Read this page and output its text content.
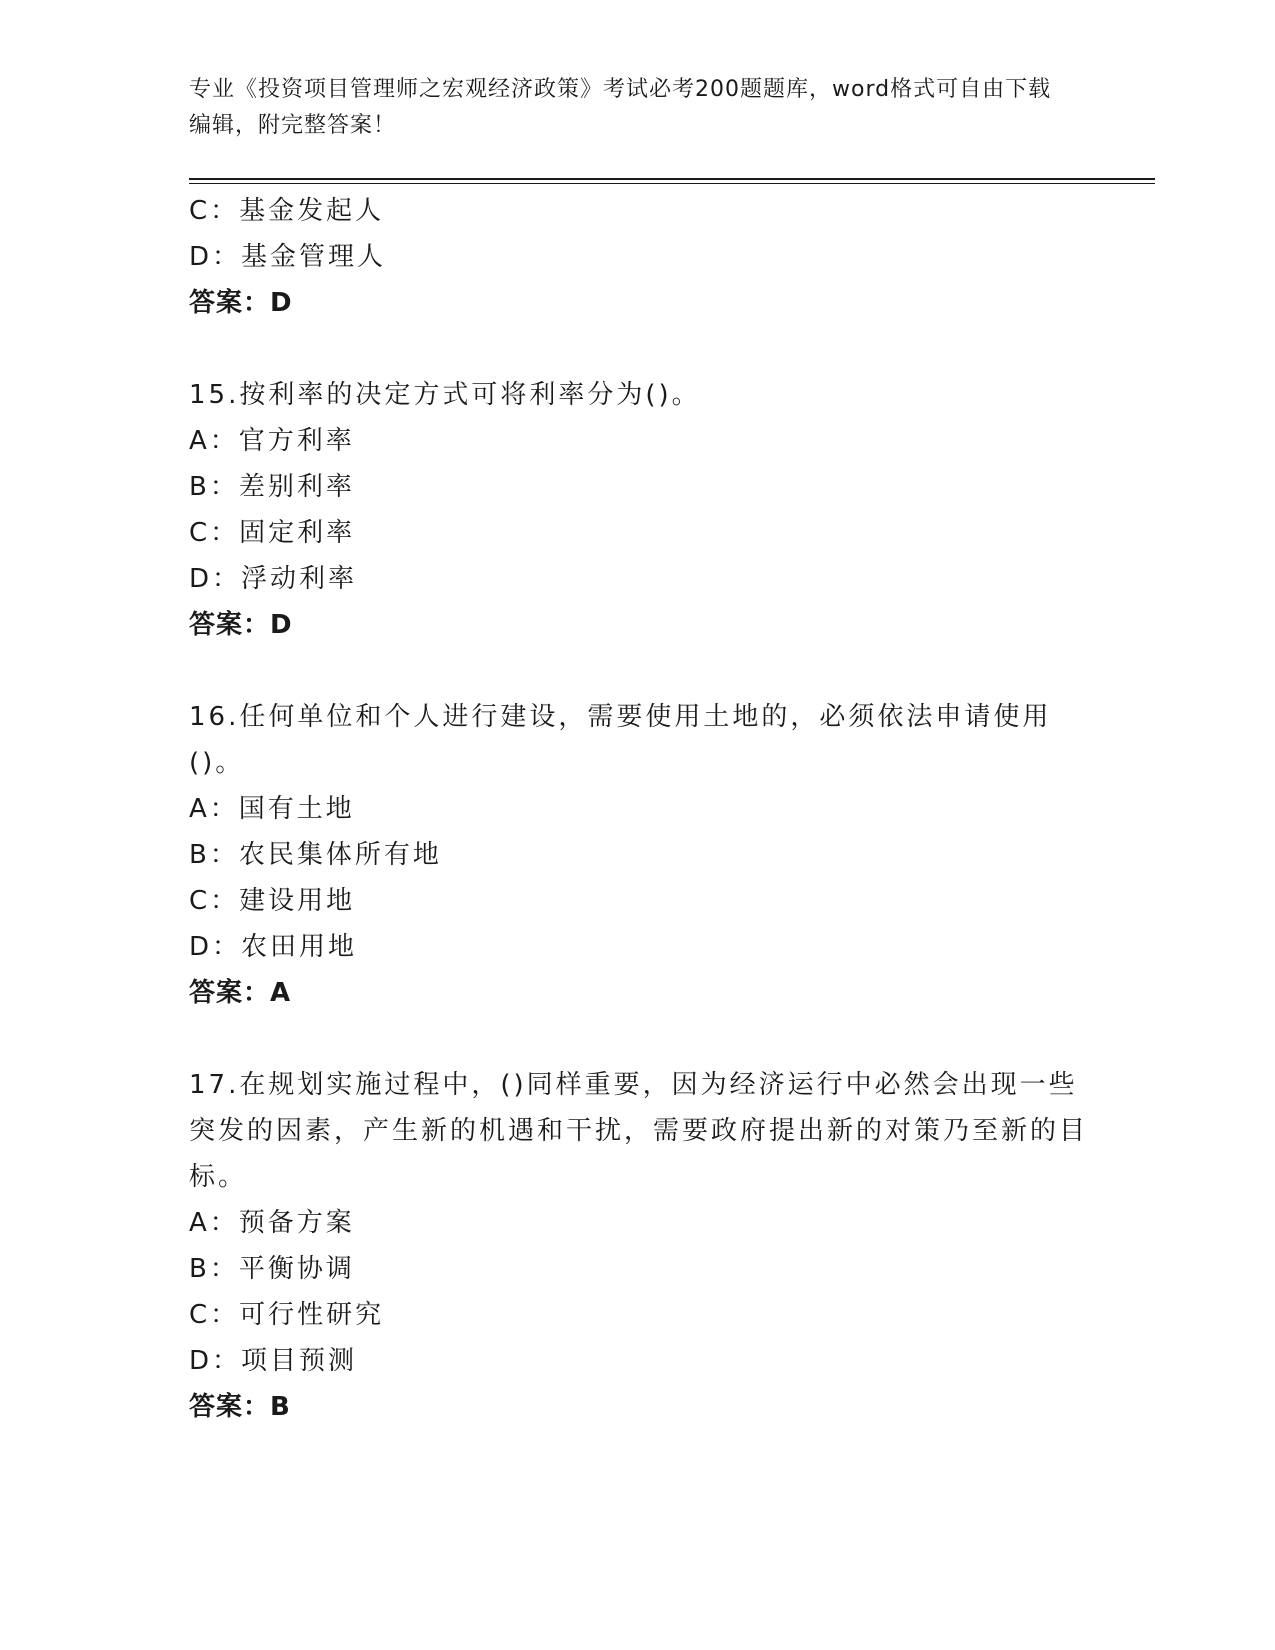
专业《投资项目管理师之宏观经济政策》考试必考200题题库，word格式可自由下载编辑，附完整答案！
C：基金发起人
D：基金管理人
答案：D
15.按利率的决定方式可将利率分为()。
A：官方利率
B：差别利率
C：固定利率
D：浮动利率
答案：D
16.任何单位和个人进行建设，需要使用土地的，必须依法申请使用()。
A：国有土地
B：农民集体所有地
C：建设用地
D：农田用地
答案：A
17.在规划实施过程中，()同样重要，因为经济运行中必然会出现一些突发的因素，产生新的机遇和干扰，需要政府提出新的对策乃至新的目标。
A：预备方案
B：平衡协调
C：可行性研究
D：项目预测
答案：B
